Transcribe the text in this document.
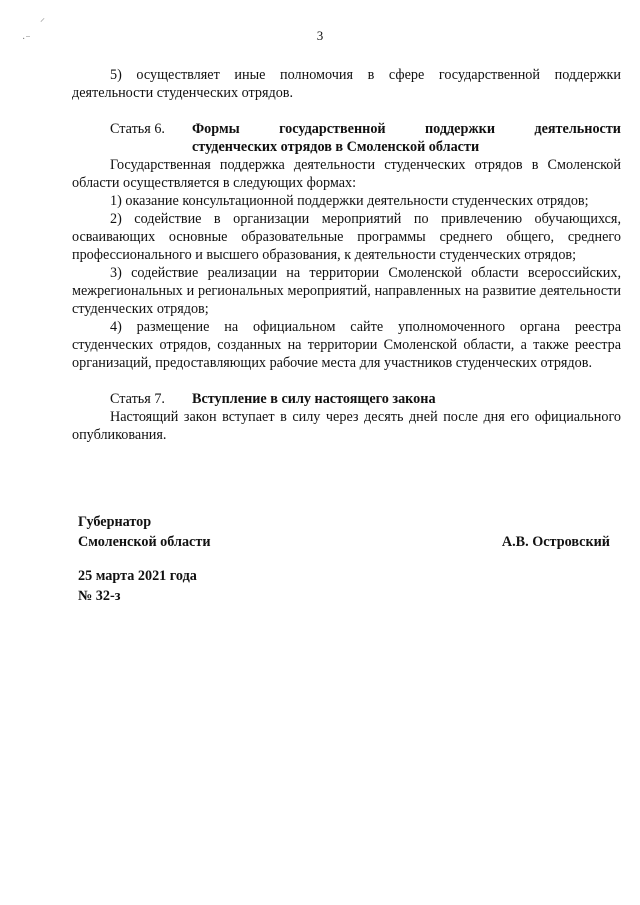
⸝
·⁻	3

5) осуществляет иные полномочия в сфере государственной поддержки деятельности студенческих отрядов.

Статья 6.	Формы государственной поддержки деятельности
студенческих отрядов в Смоленской области

Государственная поддержка деятельности студенческих отрядов в Смоленской области осуществляется в следующих формах:

1) оказание консультационной поддержки деятельности студенческих отрядов;

2) содействие в организации мероприятий по привлечению обучающихся, осваивающих основные образовательные программы среднего общего, среднего профессионального и высшего образования, к деятельности студенческих отрядов;

3) содействие реализации на территории Смоленской области всероссийских, межрегиональных и региональных мероприятий, направленных на развитие деятельности студенческих отрядов;

4) размещение на официальном сайте уполномоченного органа реестра студенческих отрядов, созданных на территории Смоленской области, а также реестра организаций, предоставляющих рабочие места для участников студенческих отрядов.

Статья 7.	Вступление в силу настоящего закона

Настоящий закон вступает в силу через десять дней после дня его официального опубликования.

Губернатор
Смоленской области	А.В. Островский
25 марта 2021 года
№ 32-з
